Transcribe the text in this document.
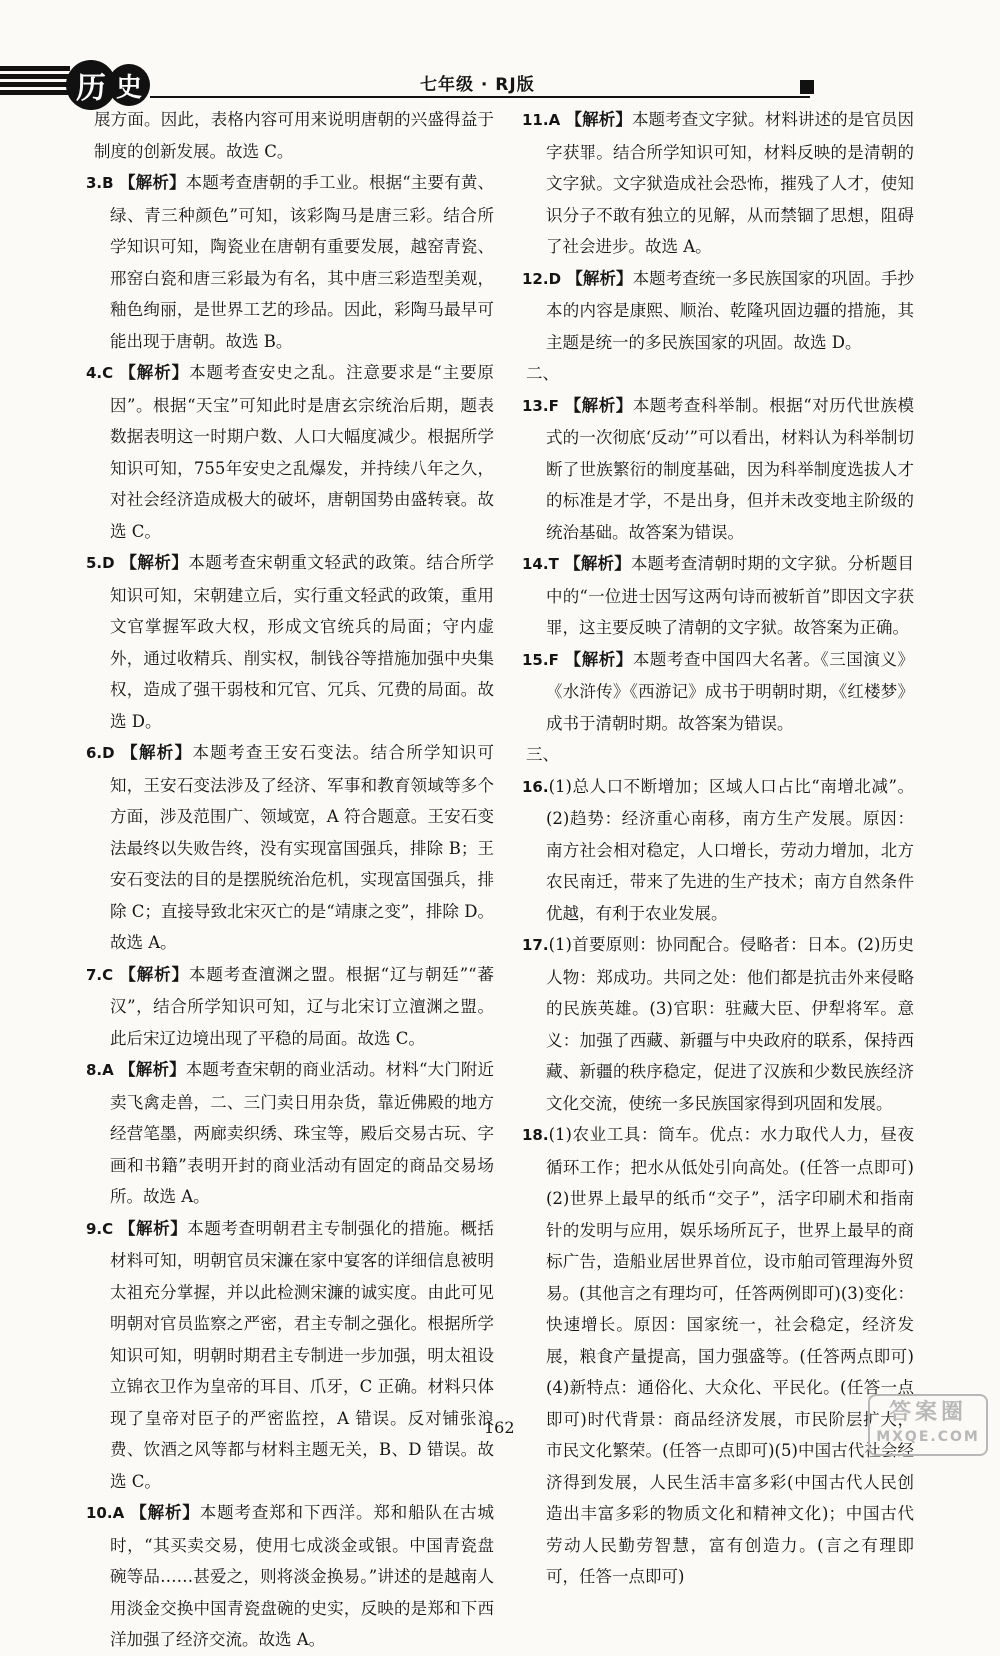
历 史	七年级 · RJ版

展方面。因此，表格内容可用来说明唐朝的兴盛得益于制度的创新发展。故选 C。

3.B 【解析】本题考查唐朝的手工业。根据“主要有黄、绿、青三种颜色”可知，该彩陶马是唐三彩。结合所学知识可知，陶瓷业在唐朝有重要发展，越窑青瓷、邢窑白瓷和唐三彩最为有名，其中唐三彩造型美观，釉色绚丽，是世界工艺的珍品。因此，彩陶马最早可能出现于唐朝。故选 B。

4.C 【解析】本题考查安史之乱。注意要求是“主要原因”。根据“天宝”可知此时是唐玄宗统治后期，题表数据表明这一时期户数、人口大幅度减少。根据所学知识可知，755年安史之乱爆发，并持续八年之久，对社会经济造成极大的破坏，唐朝国势由盛转衰。故选 C。

5.D 【解析】本题考查宋朝重文轻武的政策。结合所学知识可知，宋朝建立后，实行重文轻武的政策，重用文官掌握军政大权，形成文官统兵的局面；守内虚外，通过收精兵、削实权，制钱谷等措施加强中央集权，造成了强干弱枝和冗官、冗兵、冗费的局面。故选 D。

6.D 【解析】本题考查王安石变法。结合所学知识可知，王安石变法涉及了经济、军事和教育领域等多个方面，涉及范围广、领域宽，A 符合题意。王安石变法最终以失败告终，没有实现富国强兵，排除 B；王安石变法的目的是摆脱统治危机，实现富国强兵，排除 C；直接导致北宋灭亡的是“靖康之变”，排除 D。故选 A。

7.C 【解析】本题考查澶渊之盟。根据“辽与朝廷”“蕃汉”，结合所学知识可知，辽与北宋订立澶渊之盟。此后宋辽边境出现了平稳的局面。故选 C。

8.A 【解析】本题考查宋朝的商业活动。材料“大门附近卖飞禽走兽，二、三门卖日用杂货，靠近佛殿的地方经营笔墨，两廊卖织绣、珠宝等，殿后交易古玩、字画和书籍”表明开封的商业活动有固定的商品交易场所。故选 A。

9.C 【解析】本题考查明朝君主专制强化的措施。概括材料可知，明朝官员宋濂在家中宴客的详细信息被明太祖充分掌握，并以此检测宋濂的诚实度。由此可见明朝对官员监察之严密，君主专制之强化。根据所学知识可知，明朝时期君主专制进一步加强，明太祖设立锦衣卫作为皇帝的耳目、爪牙，C 正确。材料只体现了皇帝对臣子的严密监控，A 错误。反对铺张浪费、饮酒之风等都与材料主题无关，B、D 错误。故选 C。

10.A 【解析】本题考查郑和下西洋。郑和船队在古城时，“其买卖交易，使用七成淡金或银。中国青瓷盘碗等品……甚爱之，则将淡金换易。”讲述的是越南人用淡金交换中国青瓷盘碗的史实，反映的是郑和下西洋加强了经济交流。故选 A。

11.A 【解析】本题考查文字狱。材料讲述的是官员因字获罪。结合所学知识可知，材料反映的是清朝的文字狱。文字狱造成社会恐怖，摧残了人才，使知识分子不敢有独立的见解，从而禁锢了思想，阻碍了社会进步。故选 A。

12.D 【解析】本题考查统一多民族国家的巩固。手抄本的内容是康熙、顺治、乾隆巩固边疆的措施，其主题是统一的多民族国家的巩固。故选 D。

二、

13.F 【解析】本题考查科举制。根据“对历代世族模式的一次彻底‘反动’”可以看出，材料认为科举制切断了世族繁衍的制度基础，因为科举制度选拔人才的标准是才学，不是出身，但并未改变地主阶级的统治基础。故答案为错误。

14.T 【解析】本题考查清朝时期的文字狱。分析题目中的“一位进士因写这两句诗而被斩首”即因文字获罪，这主要反映了清朝的文字狱。故答案为正确。

15.F 【解析】本题考查中国四大名著。《三国演义》《水浒传》《西游记》成书于明朝时期，《红楼梦》成书于清朝时期。故答案为错误。

三、

16.(1)总人口不断增加；区域人口占比“南增北减”。(2)趋势：经济重心南移，南方生产发展。原因：南方社会相对稳定，人口增长，劳动力增加，北方农民南迁，带来了先进的生产技术；南方自然条件优越，有利于农业发展。

17.(1)首要原则：协同配合。侵略者：日本。(2)历史人物：郑成功。共同之处：他们都是抗击外来侵略的民族英雄。(3)官职：驻藏大臣、伊犁将军。意义：加强了西藏、新疆与中央政府的联系，保持西藏、新疆的秩序稳定，促进了汉族和少数民族经济文化交流，使统一多民族国家得到巩固和发展。

18.(1)农业工具：筒车。优点：水力取代人力，昼夜循环工作；把水从低处引向高处。(任答一点即可)(2)世界上最早的纸币“交子”，活字印刷术和指南针的发明与应用，娱乐场所瓦子，世界上最早的商标广告，造船业居世界首位，设市舶司管理海外贸易。(其他言之有理均可，任答两例即可)(3)变化：快速增长。原因：国家统一，社会稳定，经济发展，粮食产量提高，国力强盛等。(任答两点即可)(4)新特点：通俗化、大众化、平民化。(任答一点即可)时代背景：商品经济发展，市民阶层扩大，市民文化繁荣。(任答一点即可)(5)中国古代社会经济得到发展，人民生活丰富多彩(中国古代人民创造出丰富多彩的物质文化和精神文化)；中国古代劳动人民勤劳智慧，富有创造力。(言之有理即可，任答一点即可)

162
答案圈
MXQE.COM
